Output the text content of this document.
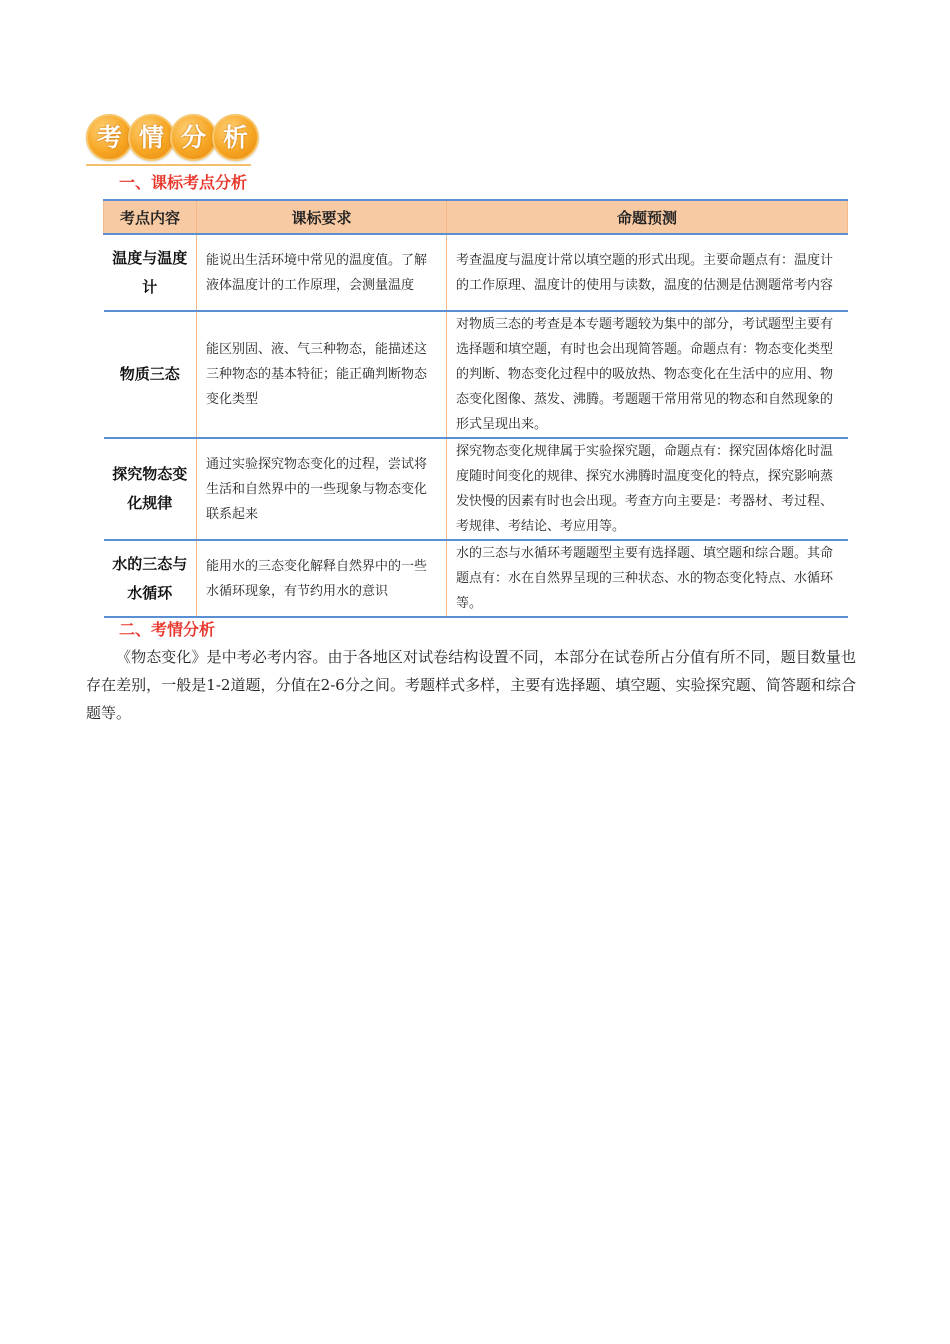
考 情 分 析
一、课标考点分析
考点内容	课标要求	命题预测
温度与温度计	能说出生活环境中常见的温度值。了解液体温度计的工作原理，会测量温度	考查温度与温度计常以填空题的形式出现。主要命题点有：温度计的工作原理、温度计的使用与读数，温度的估测是估测题常考内容
物质三态	能区别固、液、气三种物态，能描述这三种物态的基本特征；能正确判断物态变化类型	对物质三态的考查是本专题考题较为集中的部分，考试题型主要有选择题和填空题，有时也会出现简答题。命题点有：物态变化类型的判断、物态变化过程中的吸放热、物态变化在生活中的应用、物态变化图像、蒸发、沸腾。考题题干常用常见的物态和自然现象的形式呈现出来。
探究物态变化规律	通过实验探究物态变化的过程，尝试将生活和自然界中的一些现象与物态变化联系起来	探究物态变化规律属于实验探究题，命题点有：探究固体熔化时温度随时间变化的规律、探究水沸腾时温度变化的特点，探究影响蒸发快慢的因素有时也会出现。考查方向主要是：考器材、考过程、考规律、考结论、考应用等。
水的三态与水循环	能用水的三态变化解释自然界中的一些水循环现象，有节约用水的意识	水的三态与水循环考题题型主要有选择题、填空题和综合题。其命题点有：水在自然界呈现的三种状态、水的物态变化特点、水循环等。
二、考情分析
《物态变化》是中考必考内容。由于各地区对试卷结构设置不同，本部分在试卷所占分值有所不同，题目数量也存在差别，一般是1-2道题，分值在2-6分之间。考题样式多样，主要有选择题、填空题、实验探究题、简答题和综合题等。
